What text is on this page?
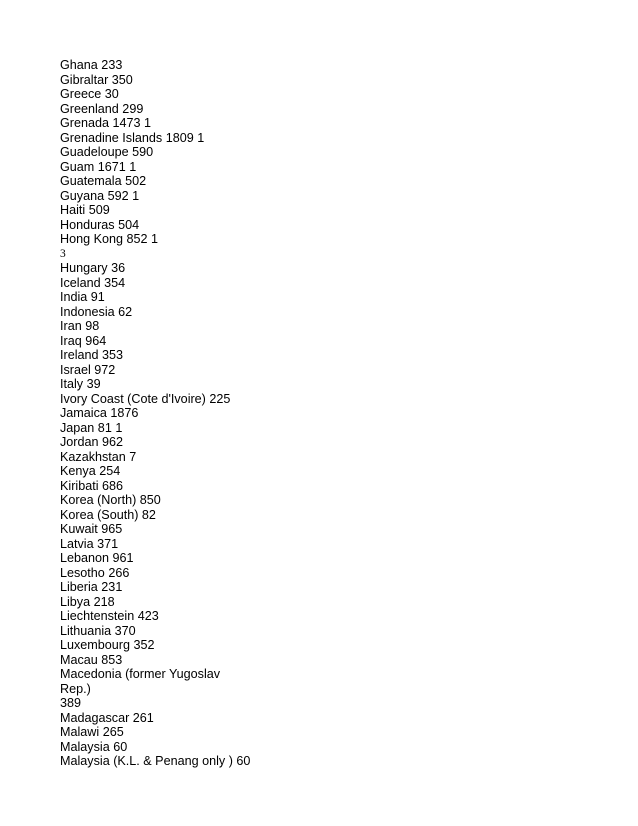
Ghana 233
Gibraltar 350
Greece 30
Greenland 299
Grenada 1473 1
Grenadine Islands 1809 1
Guadeloupe 590
Guam 1671 1
Guatemala 502
Guyana 592 1
Haiti 509
Honduras 504
Hong Kong 852 1
3
Hungary 36
Iceland 354
India 91
Indonesia 62
Iran 98
Iraq 964
Ireland 353
Israel 972
Italy 39
Ivory Coast (Cote d'Ivoire) 225
Jamaica 1876
Japan 81 1
Jordan 962
Kazakhstan 7
Kenya 254
Kiribati 686
Korea (North) 850
Korea (South) 82
Kuwait 965
Latvia 371
Lebanon 961
Lesotho 266
Liberia 231
Libya 218
Liechtenstein 423
Lithuania 370
Luxembourg 352
Macau 853
Macedonia (former Yugoslav
Rep.)
389
Madagascar 261
Malawi 265
Malaysia 60
Malaysia (K.L. & Penang only ) 60
